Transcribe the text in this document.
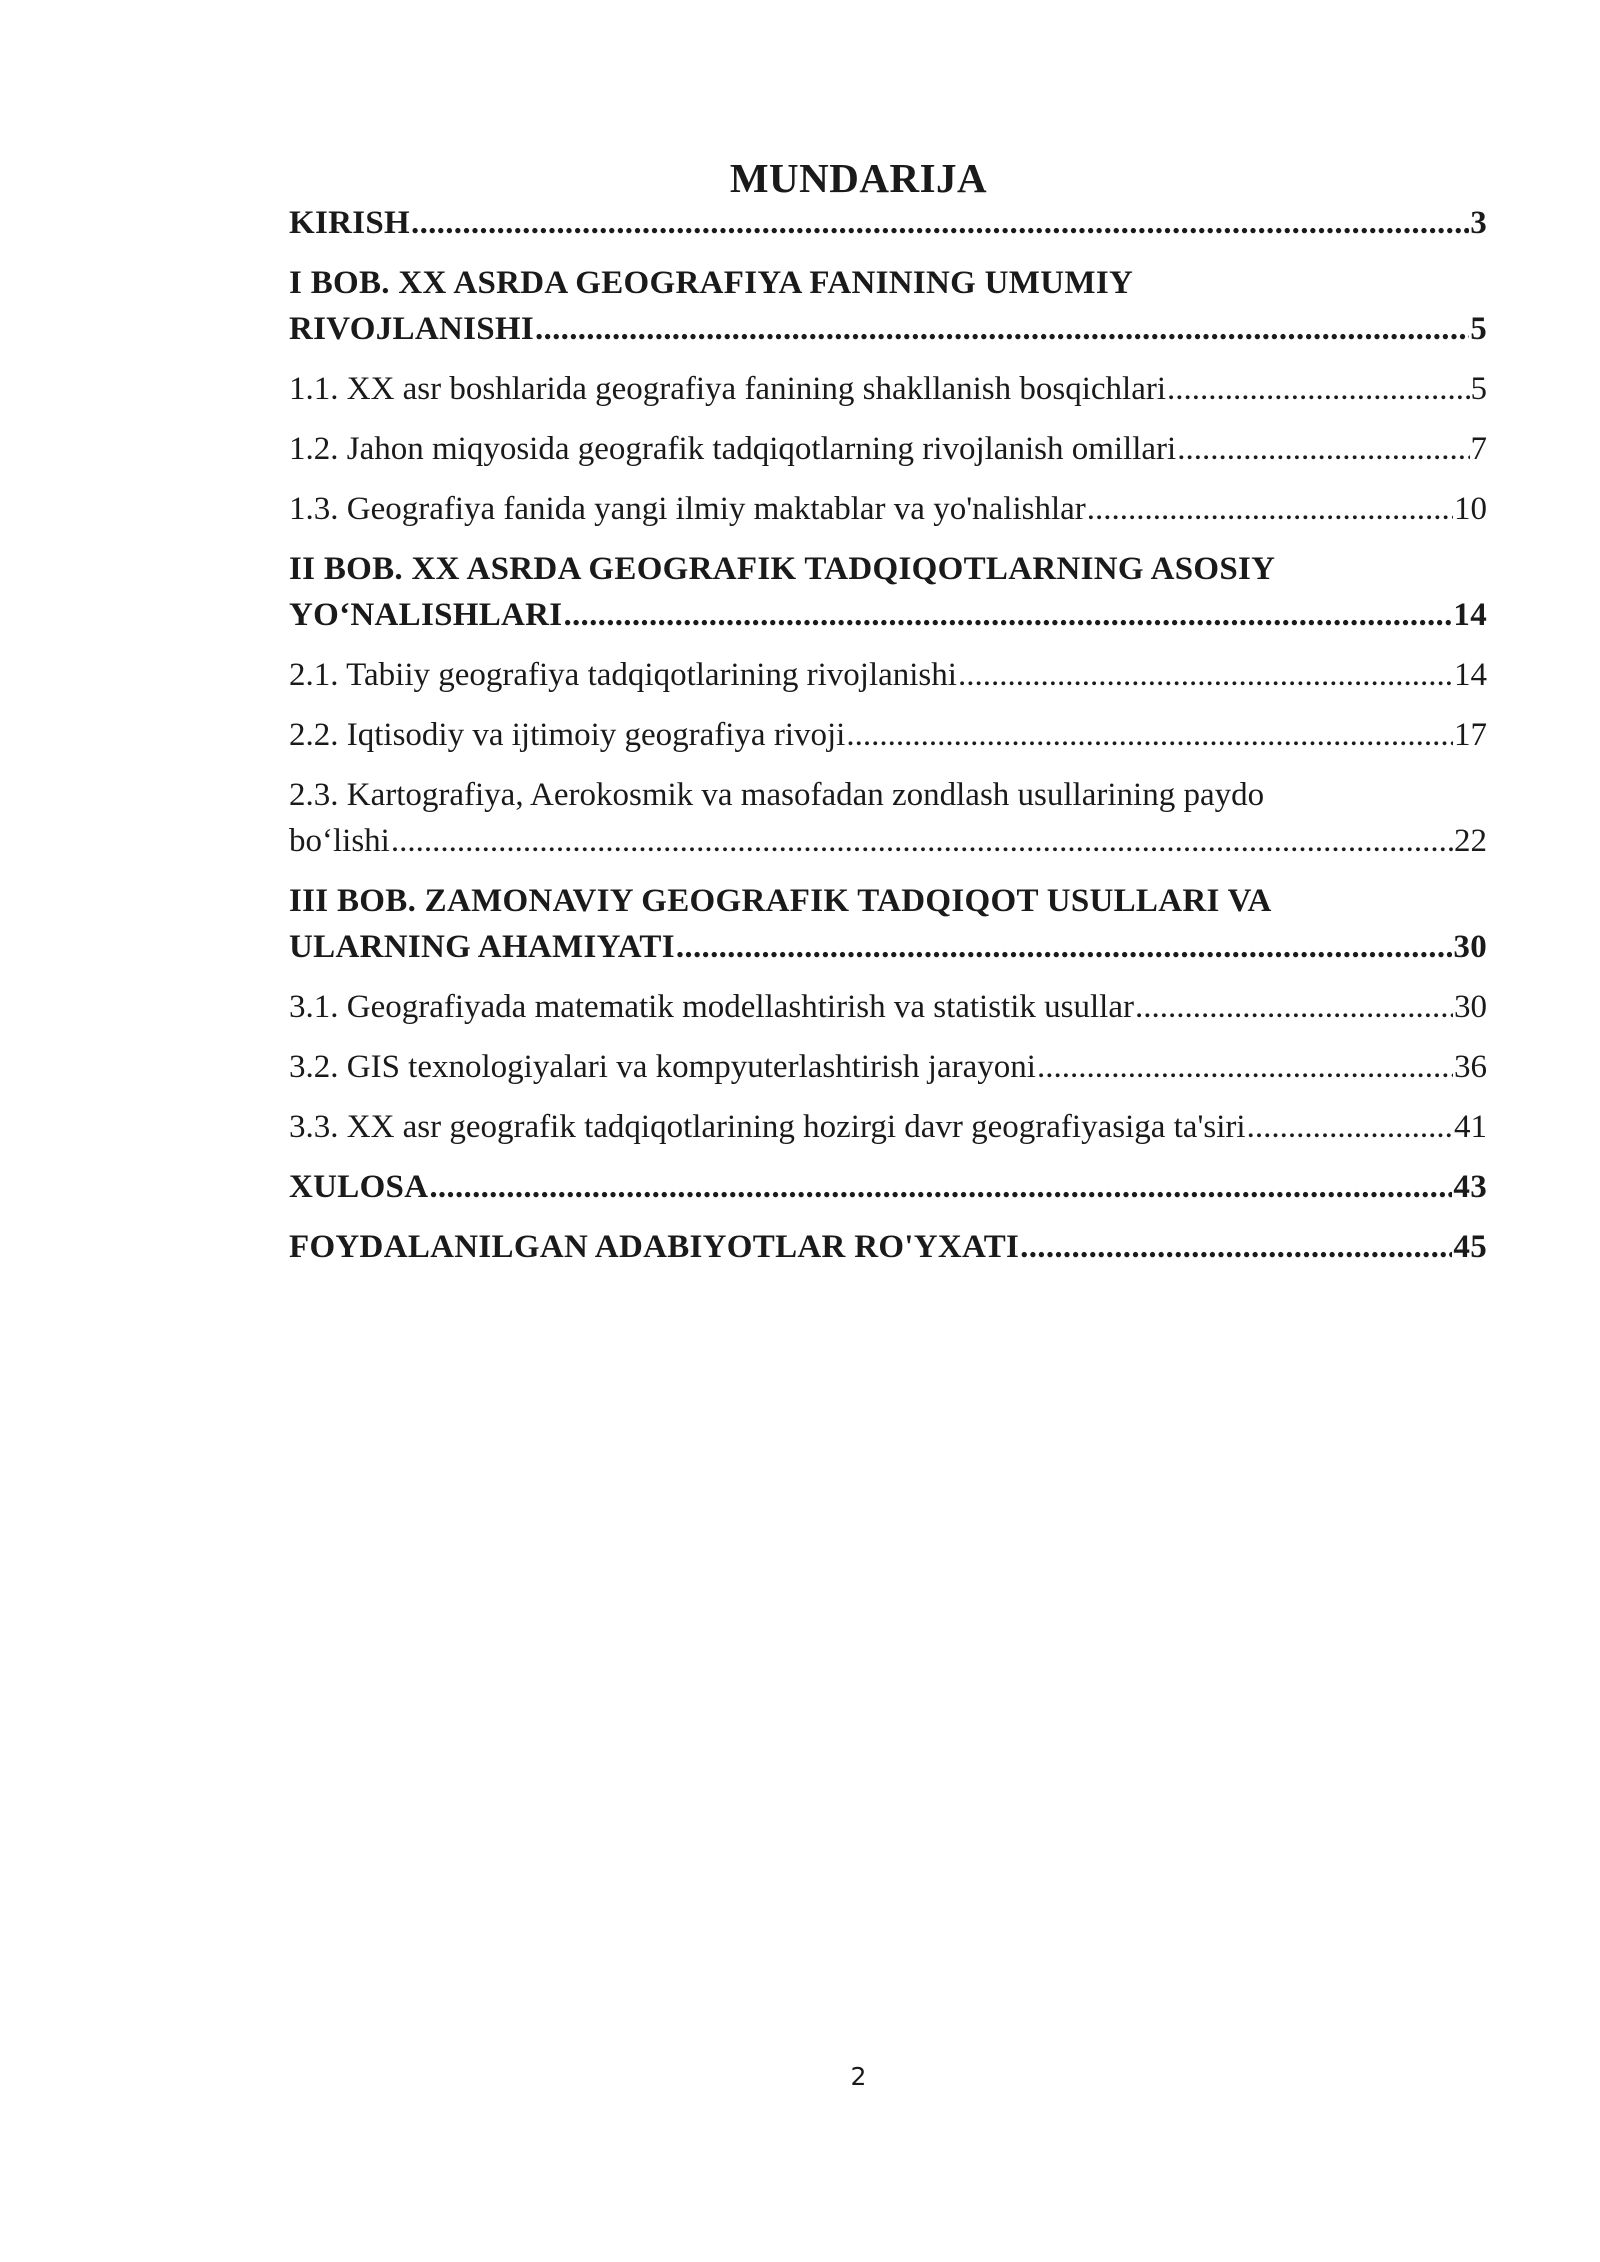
MUNDARIJA
KIRISH .....	3
I BOB. XX ASRDA GEOGRAFIYA FANINING UMUMIY
RIVOJLANISHI .....	5
1.1. XX asr boshlarida geografiya fanining shakllanish bosqichlari .....	5
1.2. Jahon miqyosida geografik tadqiqotlarning rivojlanish omillari .....	7
1.3. Geografiya fanida yangi ilmiy maktablar va yo'nalishlar .....	10
II BOB. XX ASRDA GEOGRAFIK TADQIQOTLARNING ASOSIY
YO‘NALISHLARI .....	14
2.1. Tabiiy geografiya tadqiqotlarining rivojlanishi .....	14
2.2. Iqtisodiy va ijtimoiy geografiya rivoji .....	17
2.3. Kartografiya, Aerokosmik va masofadan zondlash usullarining paydo
bo‘lishi .....	22
III BOB. ZAMONAVIY GEOGRAFIK TADQIQOT USULLARI VA
ULARNING AHAMIYATI .....	30
3.1. Geografiyada matematik modellashtirish va statistik usullar .....	30
3.2. GIS texnologiyalari va kompyuterlashtirish jarayoni .....	36
3.3. XX asr geografik tadqiqotlarining hozirgi davr geografiyasiga ta'siri .....	41
XULOSA .....	43
FOYDALANILGAN ADABIYOTLAR RO'YXATI .....	45
2
